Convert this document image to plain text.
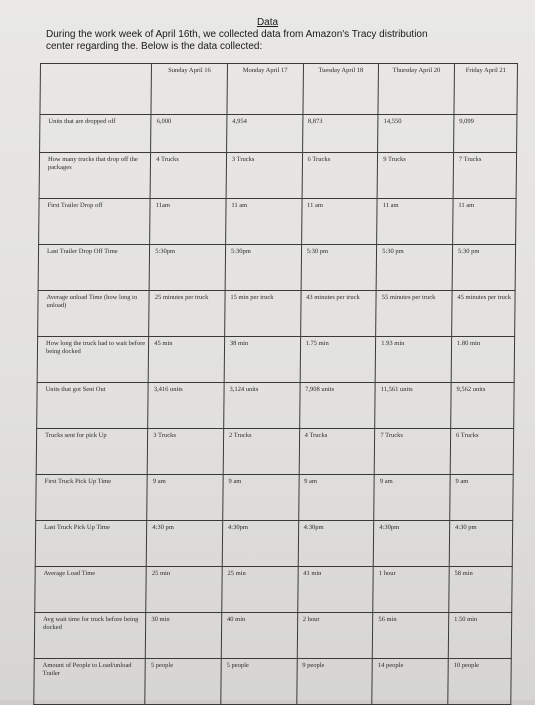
Data
During the work week of April 16th, we collected data from Amazon's Tracy distribution center regarding the. Below is the data collected:
	Sunday April 16	Monday April 17	Tuesday April 18	Thursday April 20	Friday April 21
Units that are dropped off	6,000	4,954	8,873	14,550	9,099
How many trucks that drop off the packages	4 Trucks	3 Trucks	6 Trucks	9 Trucks	7 Trucks
First Trailer Drop off	11am	11 am	11 am	11 am	11 am
Last Trailer Drop Off Time	5:30pm	5:30pm	5:30 pm	5:30 pm	5:30 pm
Average unload Time (how long to unload)	25 minutes per truck	15 min per truck	43 minutes per truck	55 minutes per truck	45 minutes per truck
How long the truck had to wait before being docked	45 min	38 min	1.75 min	1.93 min	1.80 min
Units that got Sent Out	3,416 units	3,124 units	7,908 units	11,561 units	9,562 units
Trucks sent for pick Up	3 Trucks	2 Trucks	4 Trucks	7 Trucks	6 Trucks
First Truck Pick Up Time	9 am	9 am	9 am	9 am	9 am
Last Truck Pick Up Time	4:30 pm	4:30pm	4:30pm	4:30pm	4:30 pm
Average Load Time	25 min	25 min	41 min	1 hour	58 min
Avg wait time for truck before being docked	30 min	40 min	2 hour	56 min	1.50 min
Amount of People to Load/unload Trailer	5 people	5 people	9 people	14 people	10 people
